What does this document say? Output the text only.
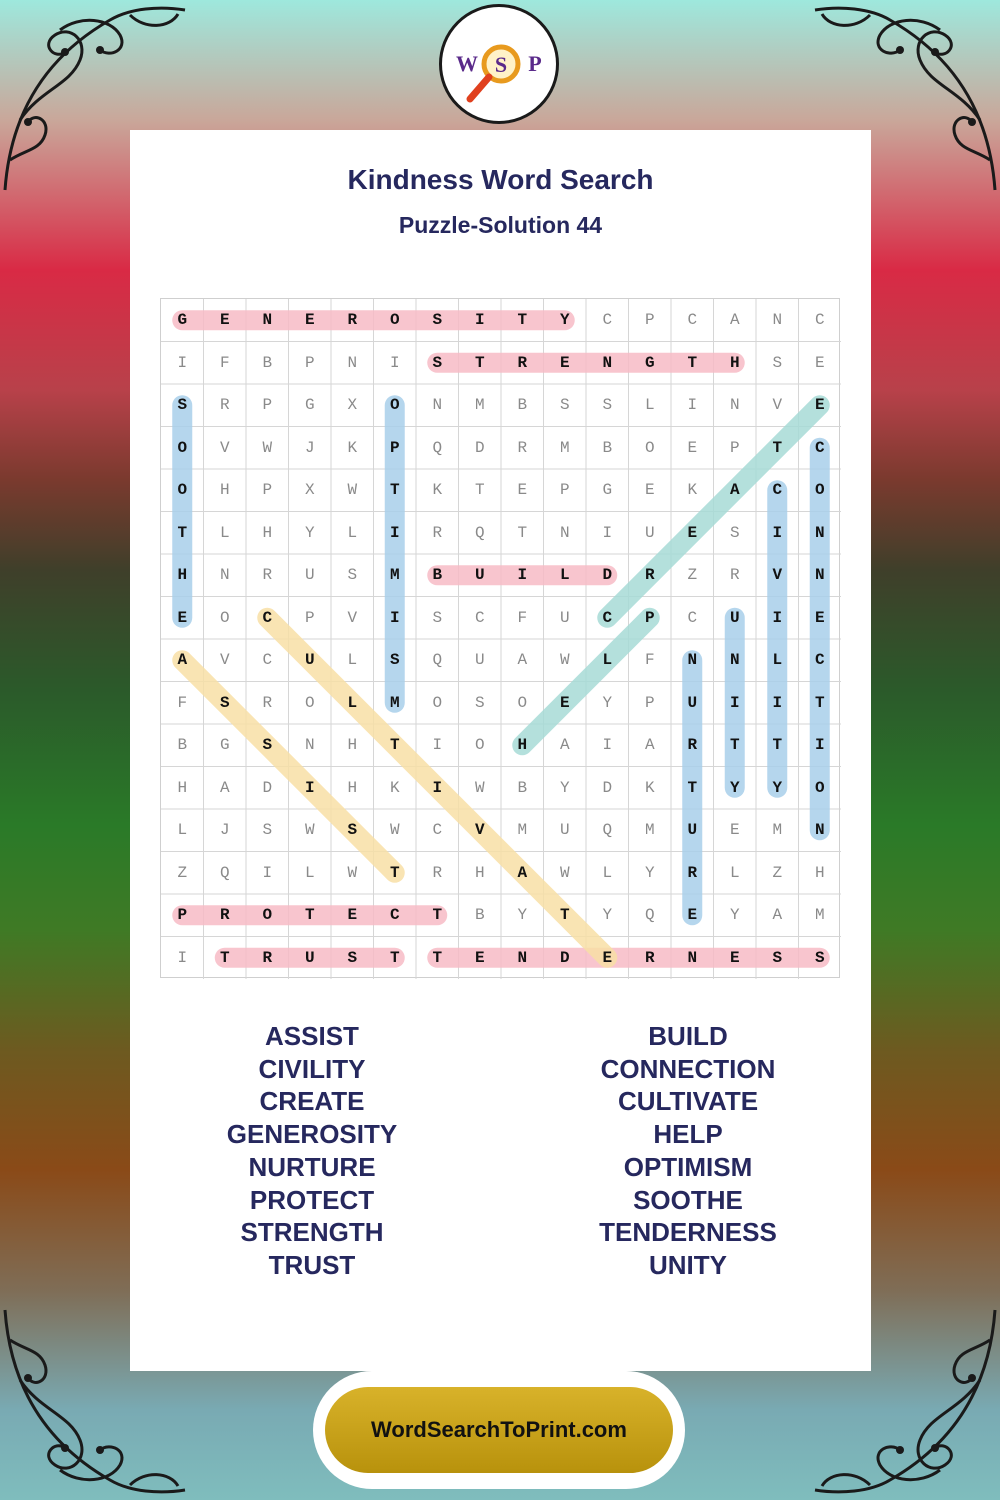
W S P
Kindness Word Search
Puzzle-Solution 44
G	E	N	E	R	O	S	I	T	Y	C	P	C	A	N	C
I	F	B	P	N	I	S	T	R	E	N	G	T	H	S	E
S	R	P	G	X	O	N	M	B	S	S	L	I	N	V	E
O	V	W	J	K	P	Q	D	R	M	B	O	E	P	T	C
O	H	P	X	W	T	K	T	E	P	G	E	K	A	C	O
T	L	H	Y	L	I	R	Q	T	N	I	U	E	S	I	N
H	N	R	U	S	M	B	U	I	L	D	R	Z	R	V	N
E	O	C	P	V	I	S	C	F	U	C	P	C	U	I	E
A	V	C	U	L	S	Q	U	A	W	L	F	N	N	L	C
F	S	R	O	L	M	O	S	O	E	Y	P	U	I	I	T
B	G	S	N	H	T	I	O	H	A	I	A	R	T	T	I
H	A	D	I	H	K	I	W	B	Y	D	K	T	Y	Y	O
L	J	S	W	S	W	C	V	M	U	Q	M	U	E	M	N
Z	Q	I	L	W	T	R	H	A	W	L	Y	R	L	Z	H
P	R	O	T	E	C	T	B	Y	T	Y	Q	E	Y	A	M
I	T	R	U	S	T	T	E	N	D	E	R	N	E	S	S
ASSIST
CIVILITY
CREATE
GENEROSITY
NURTURE
PROTECT
STRENGTH
TRUST
BUILD
CONNECTION
CULTIVATE
HELP
OPTIMISM
SOOTHE
TENDERNESS
UNITY
WordSearchToPrint.com
